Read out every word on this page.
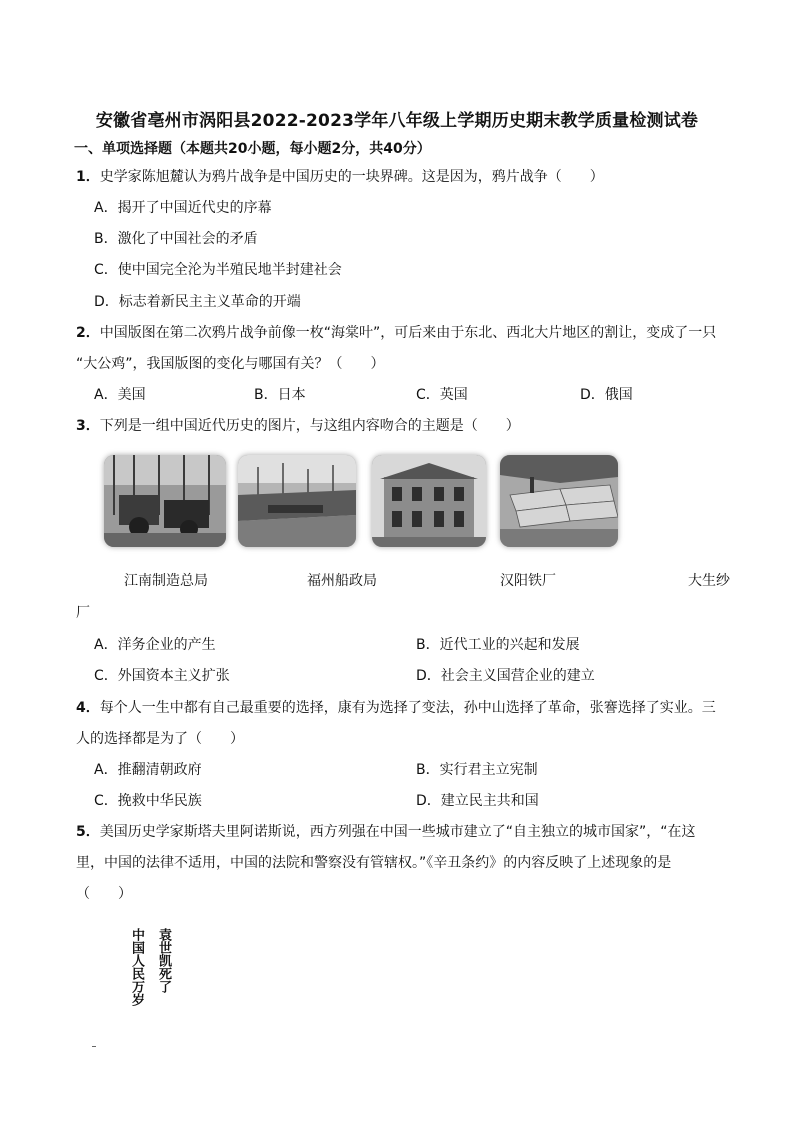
安徽省亳州市涡阳县2022-2023学年八年级上学期历史期末教学质量检测试卷
一、单项选择题（本题共20小题，每小题2分，共40分）
1．史学家陈旭麓认为鸦片战争是中国历史的一块界碑。这是因为，鸦片战争（　　）
A．揭开了中国近代史的序幕
B．激化了中国社会的矛盾
C．使中国完全沦为半殖民地半封建社会
D．标志着新民主主义革命的开端
2．中国版图在第二次鸦片战争前像一枚“海棠叶”，可后来由于东北、西北大片地区的割让，变成了一只
“大公鸡”，我国版图的变化与哪国有关？（　　）
A．美国	B．日本	C．英国	D．俄国
3．下列是一组中国近代历史的图片，与这组内容吻合的主题是（　　）
江南制造总局	福州船政局	汉阳铁厂	大生纱
厂
A．洋务企业的产生	B．近代工业的兴起和发展
C．外国资本主义扩张	D．社会主义国营企业的建立
4．每个人一生中都有自己最重要的选择，康有为选择了变法，孙中山选择了革命，张謇选择了实业。三
人的选择都是为了（　　）
A．推翻清朝政府	B．实行君主立宪制
C．挽救中华民族	D．建立民主共和国
5．美国历史学家斯塔夫里阿诺斯说，西方列强在中国一些城市建立了“自主独立的城市国家”，“在这
里，中国的法律不适用，中国的法院和警察没有管辖权。”《辛丑条约》的内容反映了上述现象的是
（　　）
中国人民万岁 袁世凯死了
